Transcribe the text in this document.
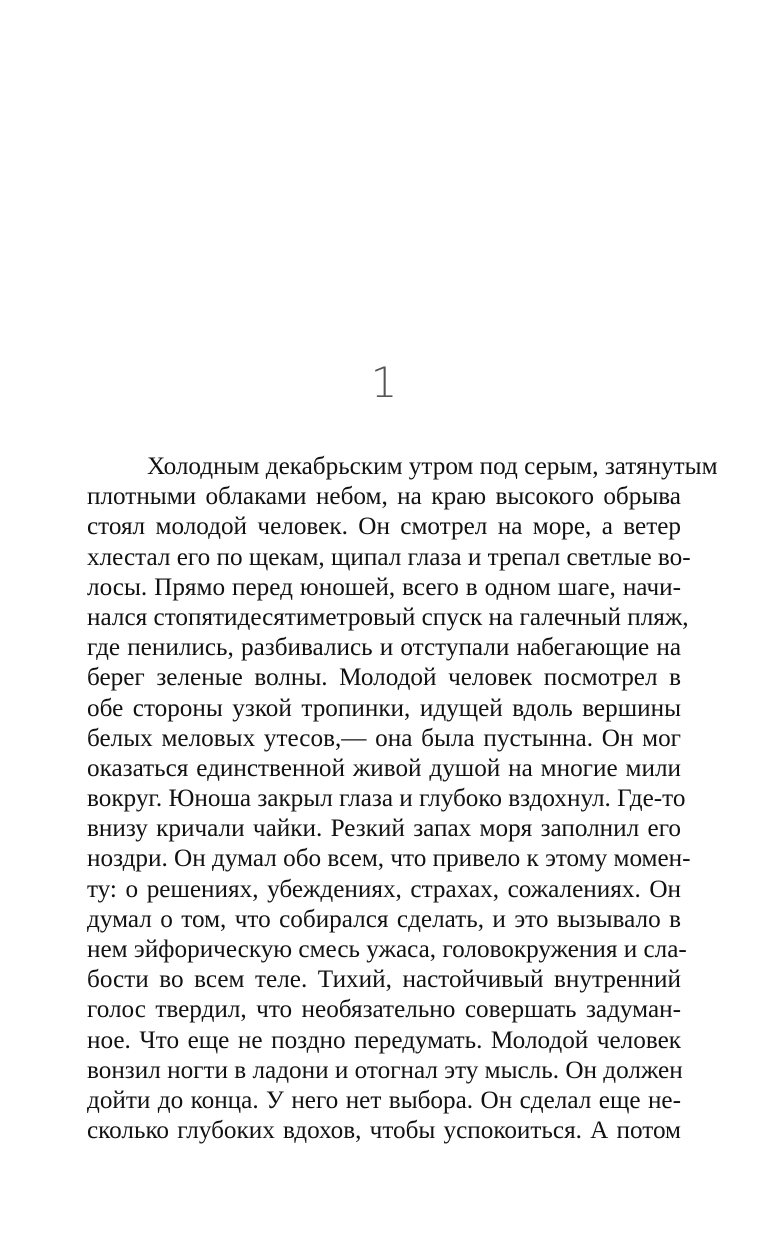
1
Холодным декабрьским утром под серым, затянутым
плотными облаками небом, на краю высокого обрыва
стоял молодой человек. Он смотрел на море, а ветер
хлестал его по щекам, щипал глаза и трепал светлые во-
лосы. Прямо перед юношей, всего в одном шаге, начи-
нался стопятидесятиметровый спуск на галечный пляж,
где пенились, разбивались и отступали набегающие на
берег зеленые волны. Молодой человек посмотрел в
обе стороны узкой тропинки, идущей вдоль вершины
белых меловых утесов,— она была пустынна. Он мог
оказаться единственной живой душой на многие мили
вокруг. Юноша закрыл глаза и глубоко вздохнул. Где-то
внизу кричали чайки. Резкий запах моря заполнил его
ноздри. Он думал обо всем, что привело к этому момен-
ту: о решениях, убеждениях, страхах, сожалениях. Он
думал о том, что собирался сделать, и это вызывало в
нем эйфорическую смесь ужаса, головокружения и сла-
бости во всем теле. Тихий, настойчивый внутренний
голос твердил, что необязательно совершать задуман-
ное. Что еще не поздно передумать. Молодой человек
вонзил ногти в ладони и отогнал эту мысль. Он должен
дойти до конца. У него нет выбора. Он сделал еще не-
сколько глубоких вдохов, чтобы успокоиться. А потом
